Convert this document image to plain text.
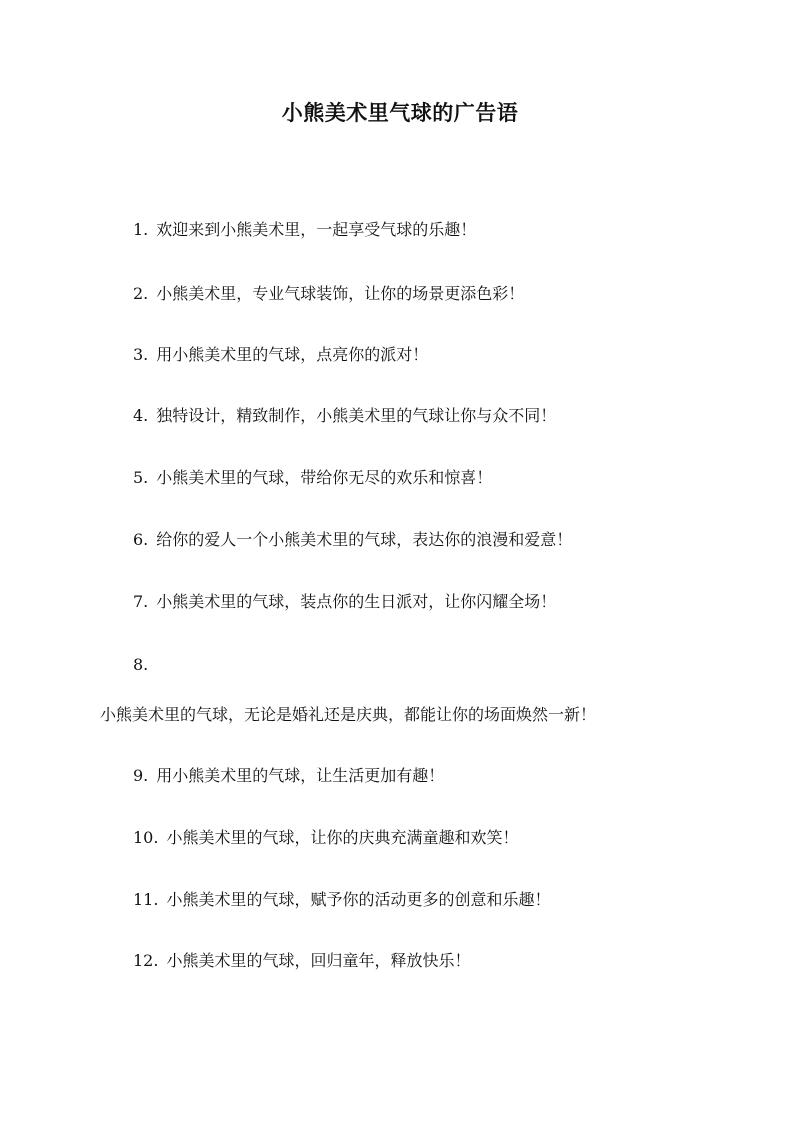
小熊美术里气球的广告语
1. 欢迎来到小熊美术里，一起享受气球的乐趣！
2. 小熊美术里，专业气球装饰，让你的场景更添色彩！
3. 用小熊美术里的气球，点亮你的派对！
4. 独特设计，精致制作，小熊美术里的气球让你与众不同！
5. 小熊美术里的气球，带给你无尽的欢乐和惊喜！
6. 给你的爱人一个小熊美术里的气球，表达你的浪漫和爱意！
7. 小熊美术里的气球，装点你的生日派对，让你闪耀全场！
8.
小熊美术里的气球，无论是婚礼还是庆典，都能让你的场面焕然一新！
9. 用小熊美术里的气球，让生活更加有趣！
10. 小熊美术里的气球，让你的庆典充满童趣和欢笑！
11. 小熊美术里的气球，赋予你的活动更多的创意和乐趣！
12. 小熊美术里的气球，回归童年，释放快乐！
